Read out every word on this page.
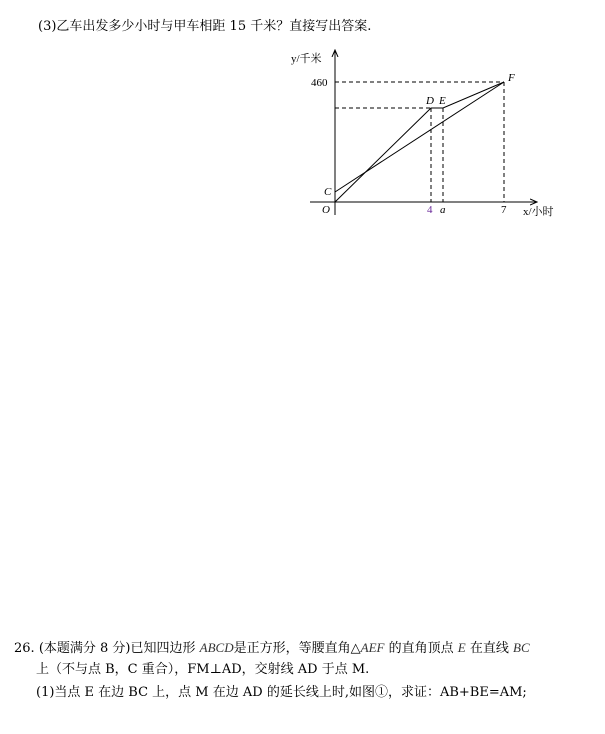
(3)乙车出发多少小时与甲车相距 15 千米？直接写出答案.
y/千米
460
D E
F
C
O	4 a	7 x/小时
26. (本题满分 8 分)已知四边形 ABCD是正方形，等腰直角△AEF 的直角顶点 E 在直线 BC
上（不与点 B，C 重合），FM⊥AD，交射线 AD 于点 M.
(1)当点 E 在边 BC 上，点 M 在边 AD 的延长线上时,如图①，求证：AB+BE=AM;
